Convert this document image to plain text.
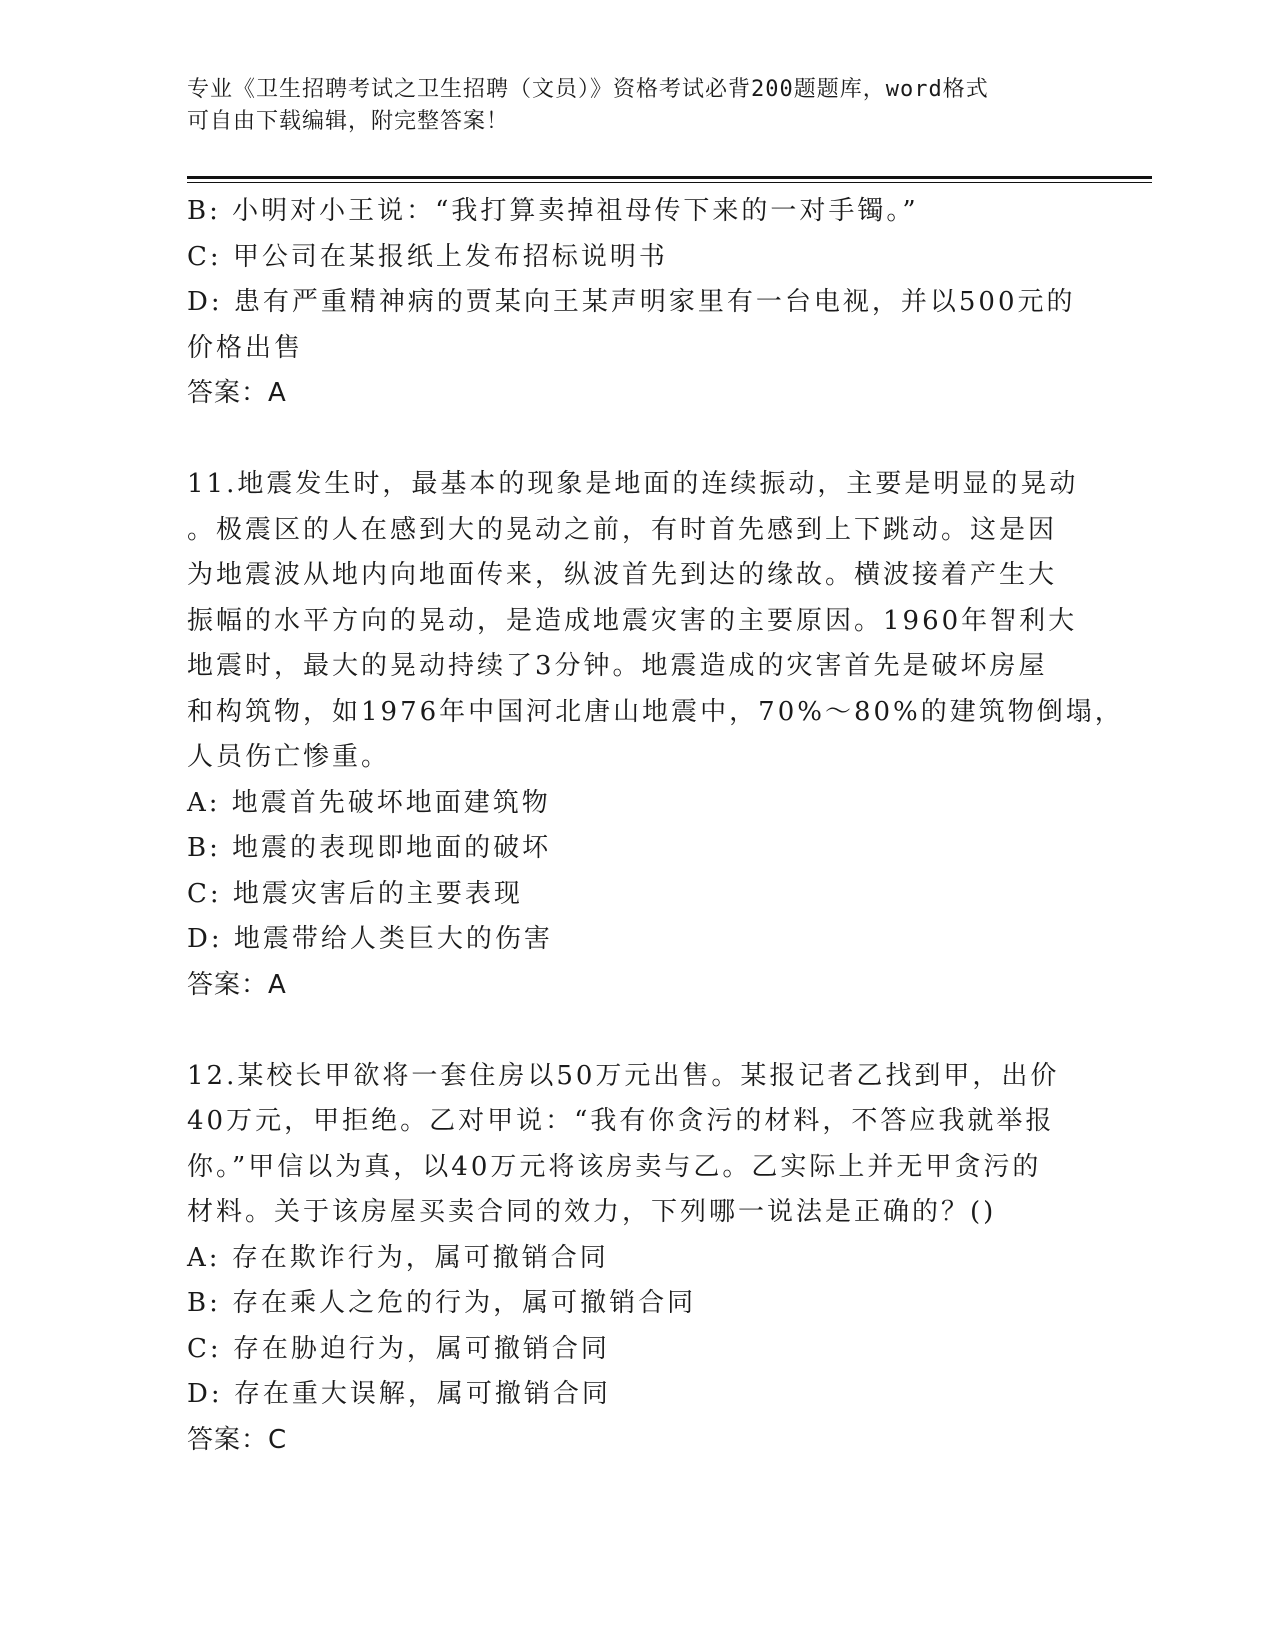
专业《卫生招聘考试之卫生招聘（文员）》资格考试必背200题题库，word格式
可自由下载编辑，附完整答案！
B: 小明对小王说：“我打算卖掉祖母传下来的一对手镯。”
C: 甲公司在某报纸上发布招标说明书
D: 患有严重精神病的贾某向王某声明家里有一台电视，并以500元的
价格出售
答案：A
11.地震发生时，最基本的现象是地面的连续振动，主要是明显的晃动
。极震区的人在感到大的晃动之前，有时首先感到上下跳动。这是因
为地震波从地内向地面传来，纵波首先到达的缘故。横波接着产生大
振幅的水平方向的晃动，是造成地震灾害的主要原因。1960年智利大
地震时，最大的晃动持续了3分钟。地震造成的灾害首先是破坏房屋
和构筑物，如1976年中国河北唐山地震中，70%～80%的建筑物倒塌，
人员伤亡惨重。
A: 地震首先破坏地面建筑物
B: 地震的表现即地面的破坏
C: 地震灾害后的主要表现
D: 地震带给人类巨大的伤害
答案：A
12.某校长甲欲将一套住房以50万元出售。某报记者乙找到甲，出价
40万元，甲拒绝。乙对甲说：“我有你贪污的材料，不答应我就举报
你。”甲信以为真，以40万元将该房卖与乙。乙实际上并无甲贪污的
材料。关于该房屋买卖合同的效力，下列哪一说法是正确的？()
A: 存在欺诈行为，属可撤销合同
B: 存在乘人之危的行为，属可撤销合同
C: 存在胁迫行为，属可撤销合同
D: 存在重大误解，属可撤销合同
答案：C
